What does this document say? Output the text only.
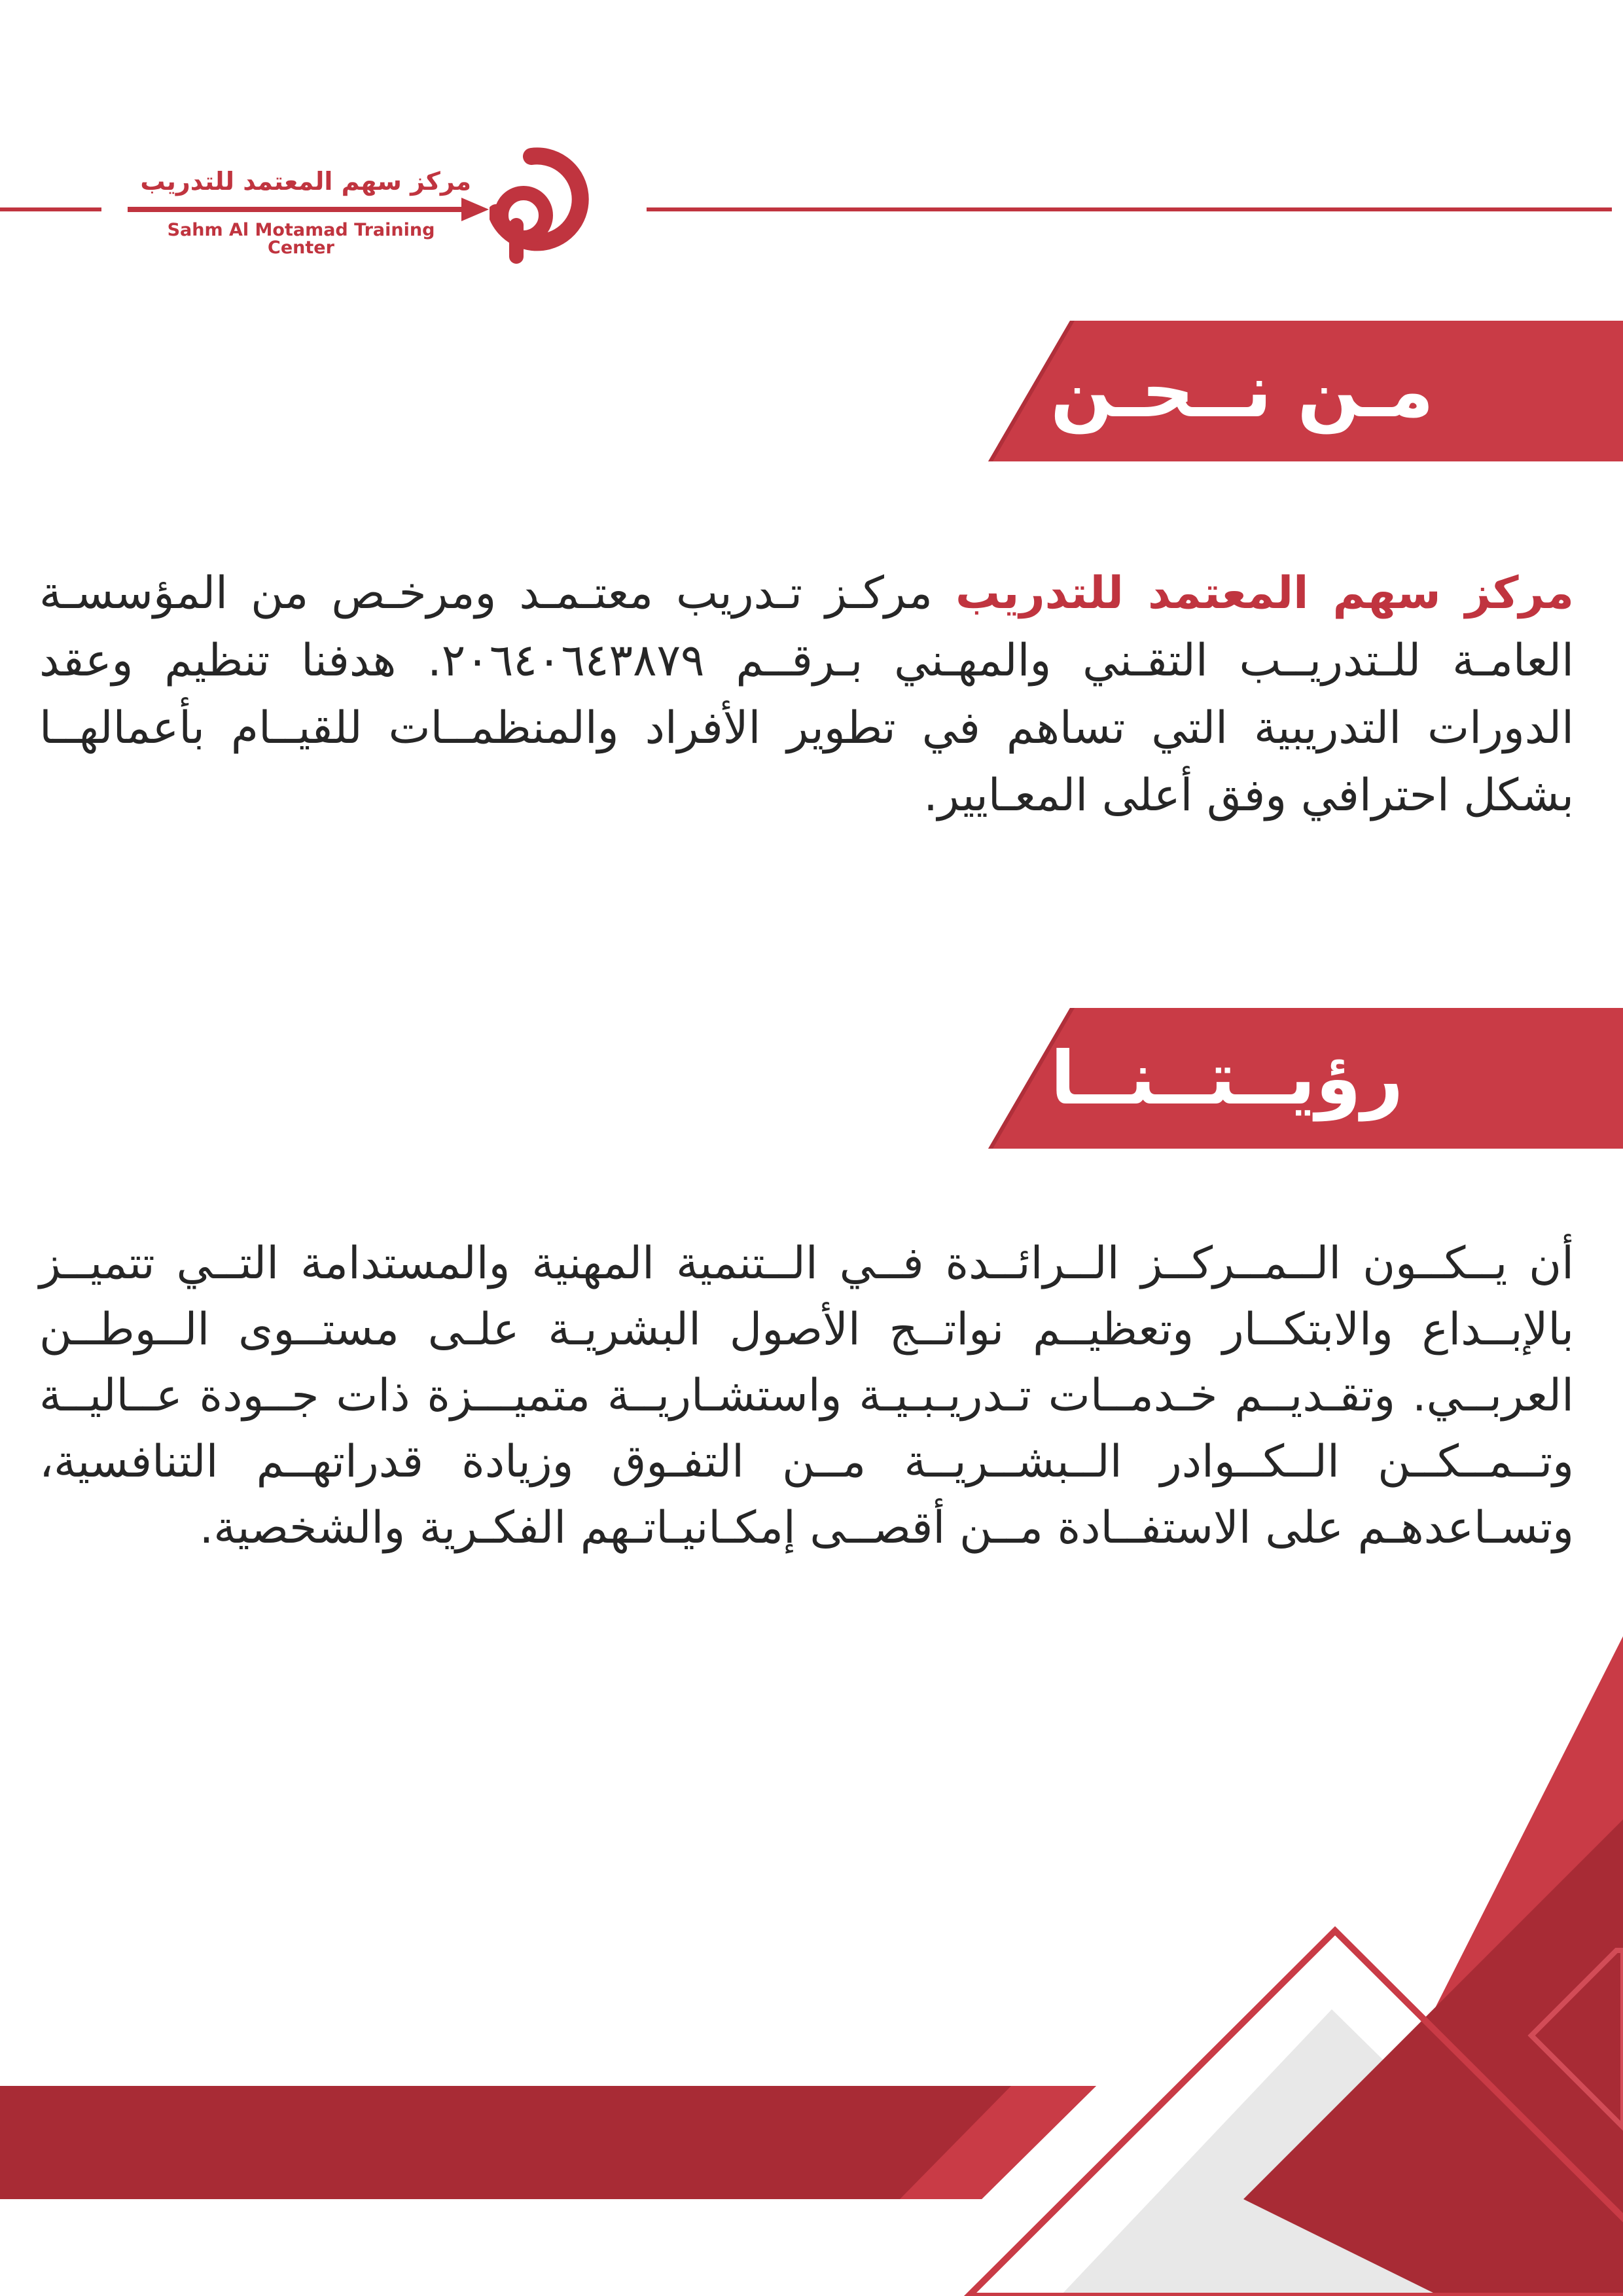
مركز سهم المعتمد للتدريب
Sahm Al Motamad Training Center
مـن نــحـن
مركز سهم المعتمد للتدريب مركـز تـدريب معتـمـد ومرخـص من المؤسسـة العامـة للـتدريــب التقـني والمهـني بـرقــم ٢٠٦٤٠٦٤٣٨٧٩. هدفنا تنظيم وعقد الدورات التدريبية التي تساهم في تطوير الأفراد والمنظمــات للقيــام بأعمالهــا بشكل احترافي وفق أعلى المعـايير.
رؤيــتــنــا
أن يــكــون الــمــركــز الــرائــدة فــي الــتنمية المهنية والمستدامة التــي تتميــز بالإبــداع والابتكــار وتعظيــم نواتــج الأصول البشريـة علـى مستــوى الــوطــن العربــي. وتقـديــم خـدمــات تـدريـبـيـة واستشـاريــة متميـــزة ذات جــودة عــاليــة وتــمــكــن الــكــوادر الــبشــريــة مــن التفـوق وزيادة قدراتهــم التنافسية، وتسـاعدهـم على الاستفــادة مــن أقصــى إمكـانيـاتـهم الفكـرية والشخصية.
